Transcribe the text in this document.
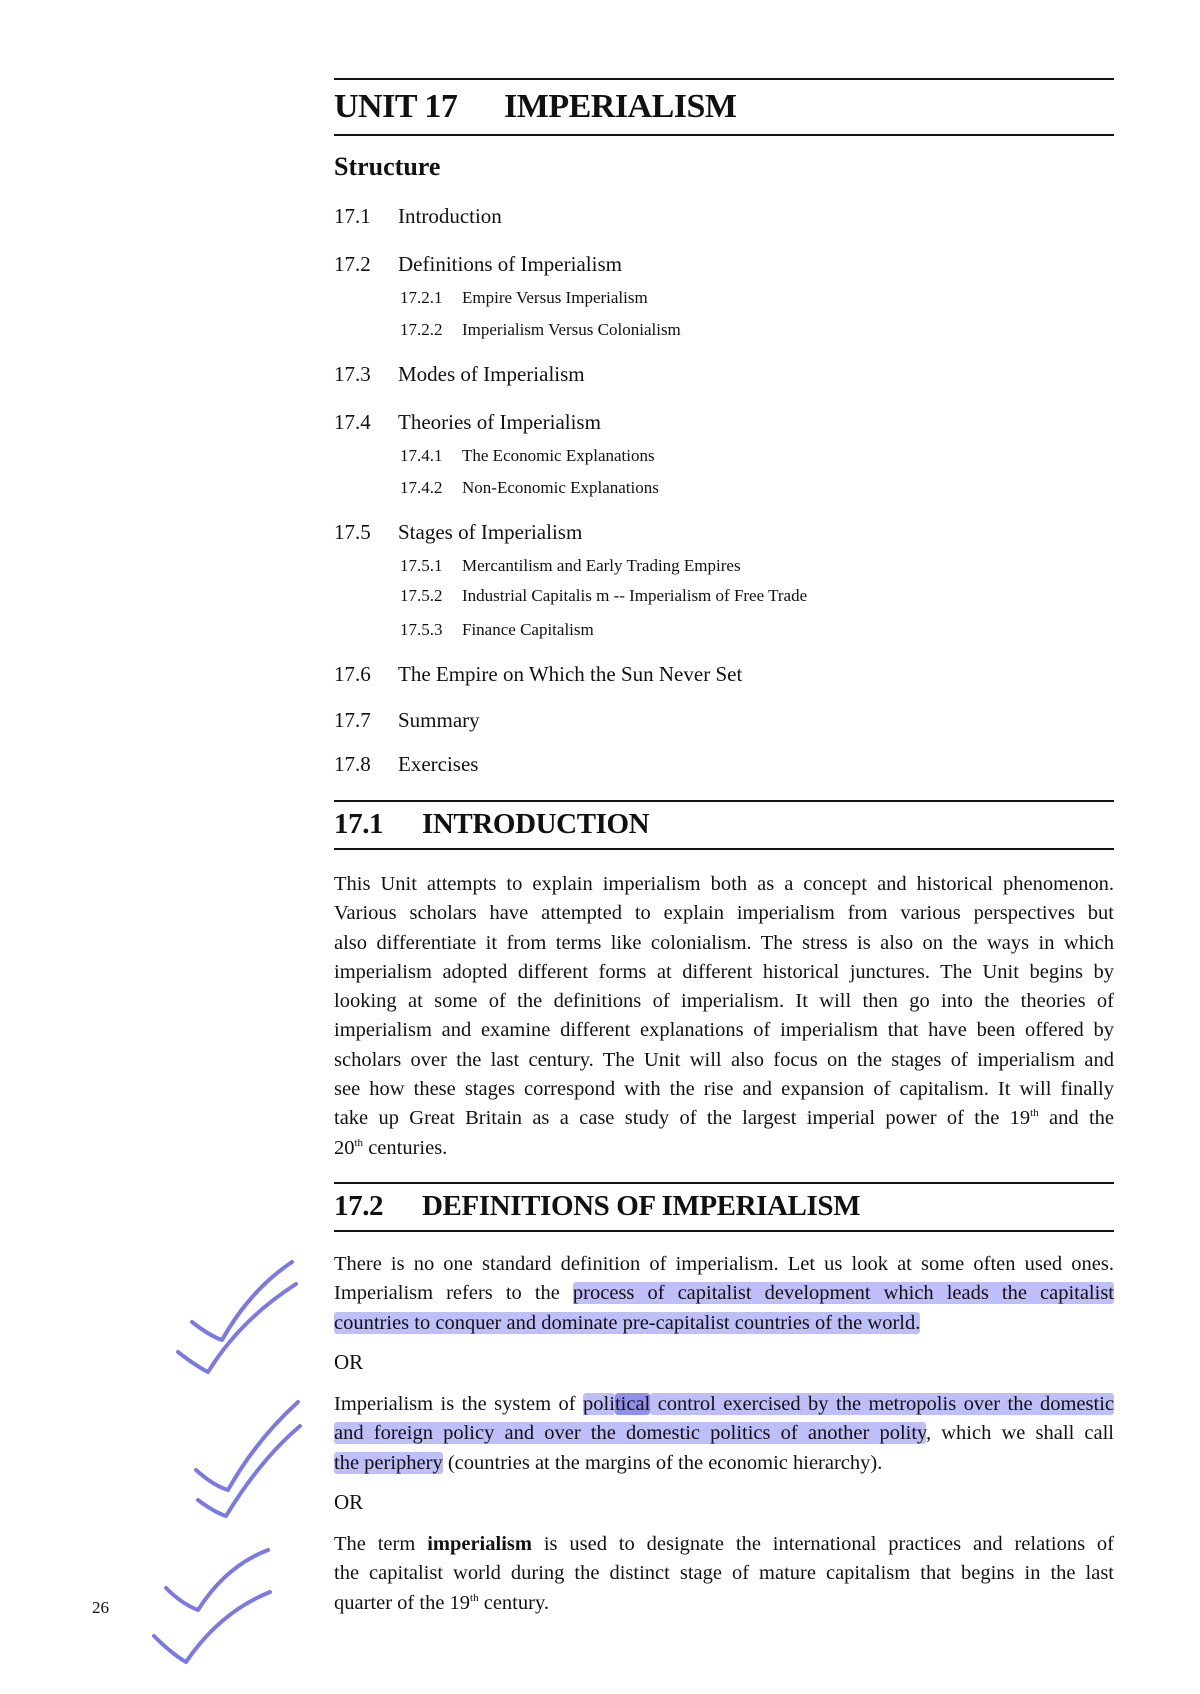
UNIT 17 IMPERIALISM
Structure
17.1 Introduction
17.2 Definitions of Imperialism
17.2.1 Empire Versus Imperialism
17.2.2 Imperialism Versus Colonialism
17.3 Modes of Imperialism
17.4 Theories of Imperialism
17.4.1 The Economic Explanations
17.4.2 Non-Economic Explanations
17.5 Stages of Imperialism
17.5.1 Mercantilism and Early Trading Empires
17.5.2 Industrial Capitalis m -- Imperialism of Free Trade
17.5.3 Finance Capitalism
17.6 The Empire on Which the Sun Never Set
17.7 Summary
17.8 Exercises
17.1 INTRODUCTION
This Unit attempts to explain imperialism both as a concept and historical phenomenon.
Various scholars have attempted to explain imperialism from various perspectives but
also differentiate it from terms like colonialism. The stress is also on the ways in which
imperialism adopted different forms at different historical junctures. The Unit begins by
looking at some of the definitions of imperialism. It will then go into the theories of
imperialism and examine different explanations of imperialism that have been offered by
scholars over the last century. The Unit will also focus on the stages of imperialism and
see how these stages correspond with the rise and expansion of capitalism. It will finally
take up Great Britain as a case study of the largest imperial power of the 19th and the
20th centuries.
17.2 DEFINITIONS OF IMPERIALISM
There is no one standard definition of imperialism. Let us look at some often used ones.
Imperialism refers to the process of capitalist development which leads the capitalist
countries to conquer and dominate pre-capitalist countries of the world.
OR
Imperialism is the system of political control exercised by the metropolis over the domestic
and foreign policy and over the domestic politics of another polity, which we shall call
the periphery (countries at the margins of the economic hierarchy).
OR
The term imperialism is used to designate the international practices and relations of
the capitalist world during the distinct stage of mature capitalism that begins in the last
quarter of the 19th century.
26
